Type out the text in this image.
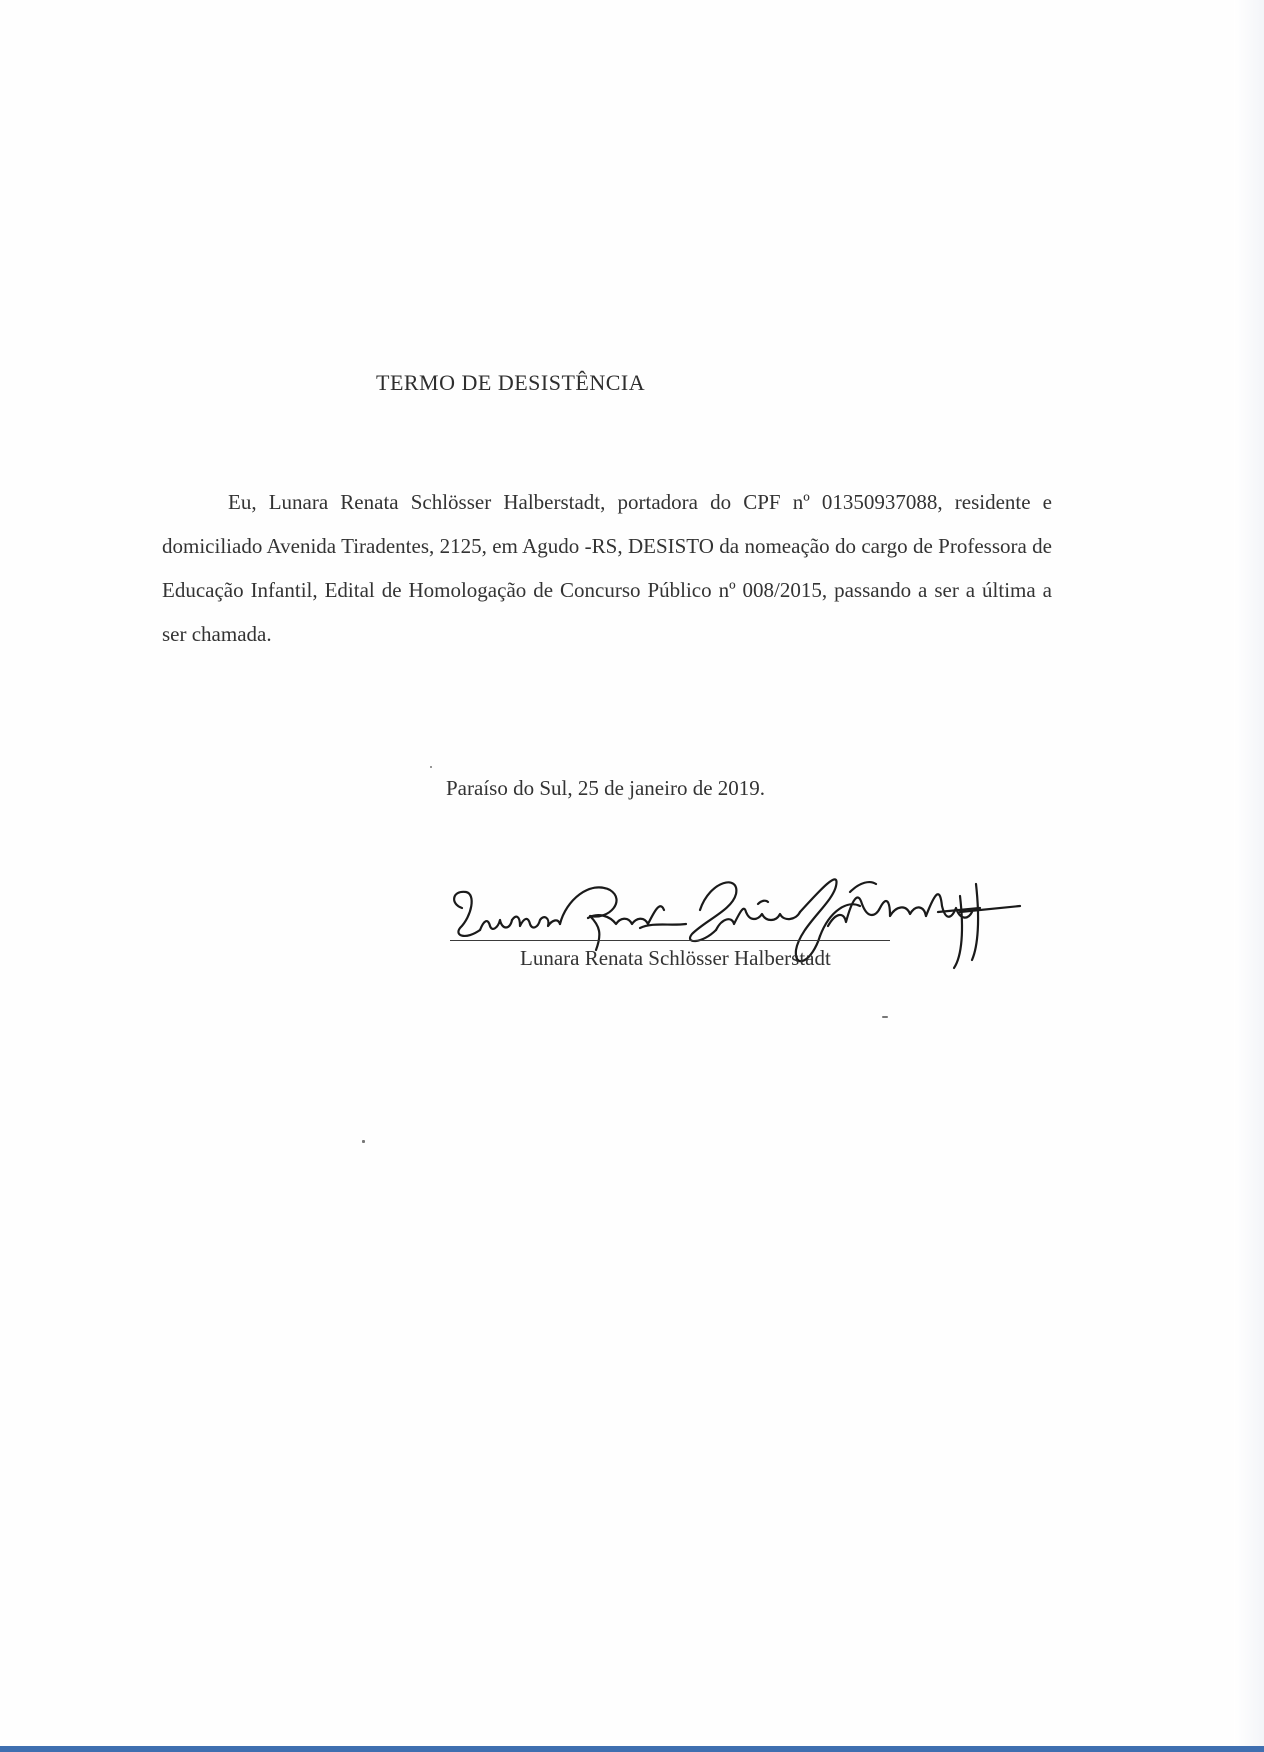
TERMO DE DESISTÊNCIA
Eu, Lunara Renata Schlösser Halberstadt, portadora do CPF nº 01350937088, residente e domiciliado Avenida Tiradentes, 2125, em Agudo -RS, DESISTO da nomeação do cargo de Professora de Educação Infantil, Edital de Homologação de Concurso Público nº 008/2015, passando a ser a última a ser chamada.
Paraíso do Sul, 25 de janeiro de 2019.
Lunara Renata Schlösser Halberstadt
